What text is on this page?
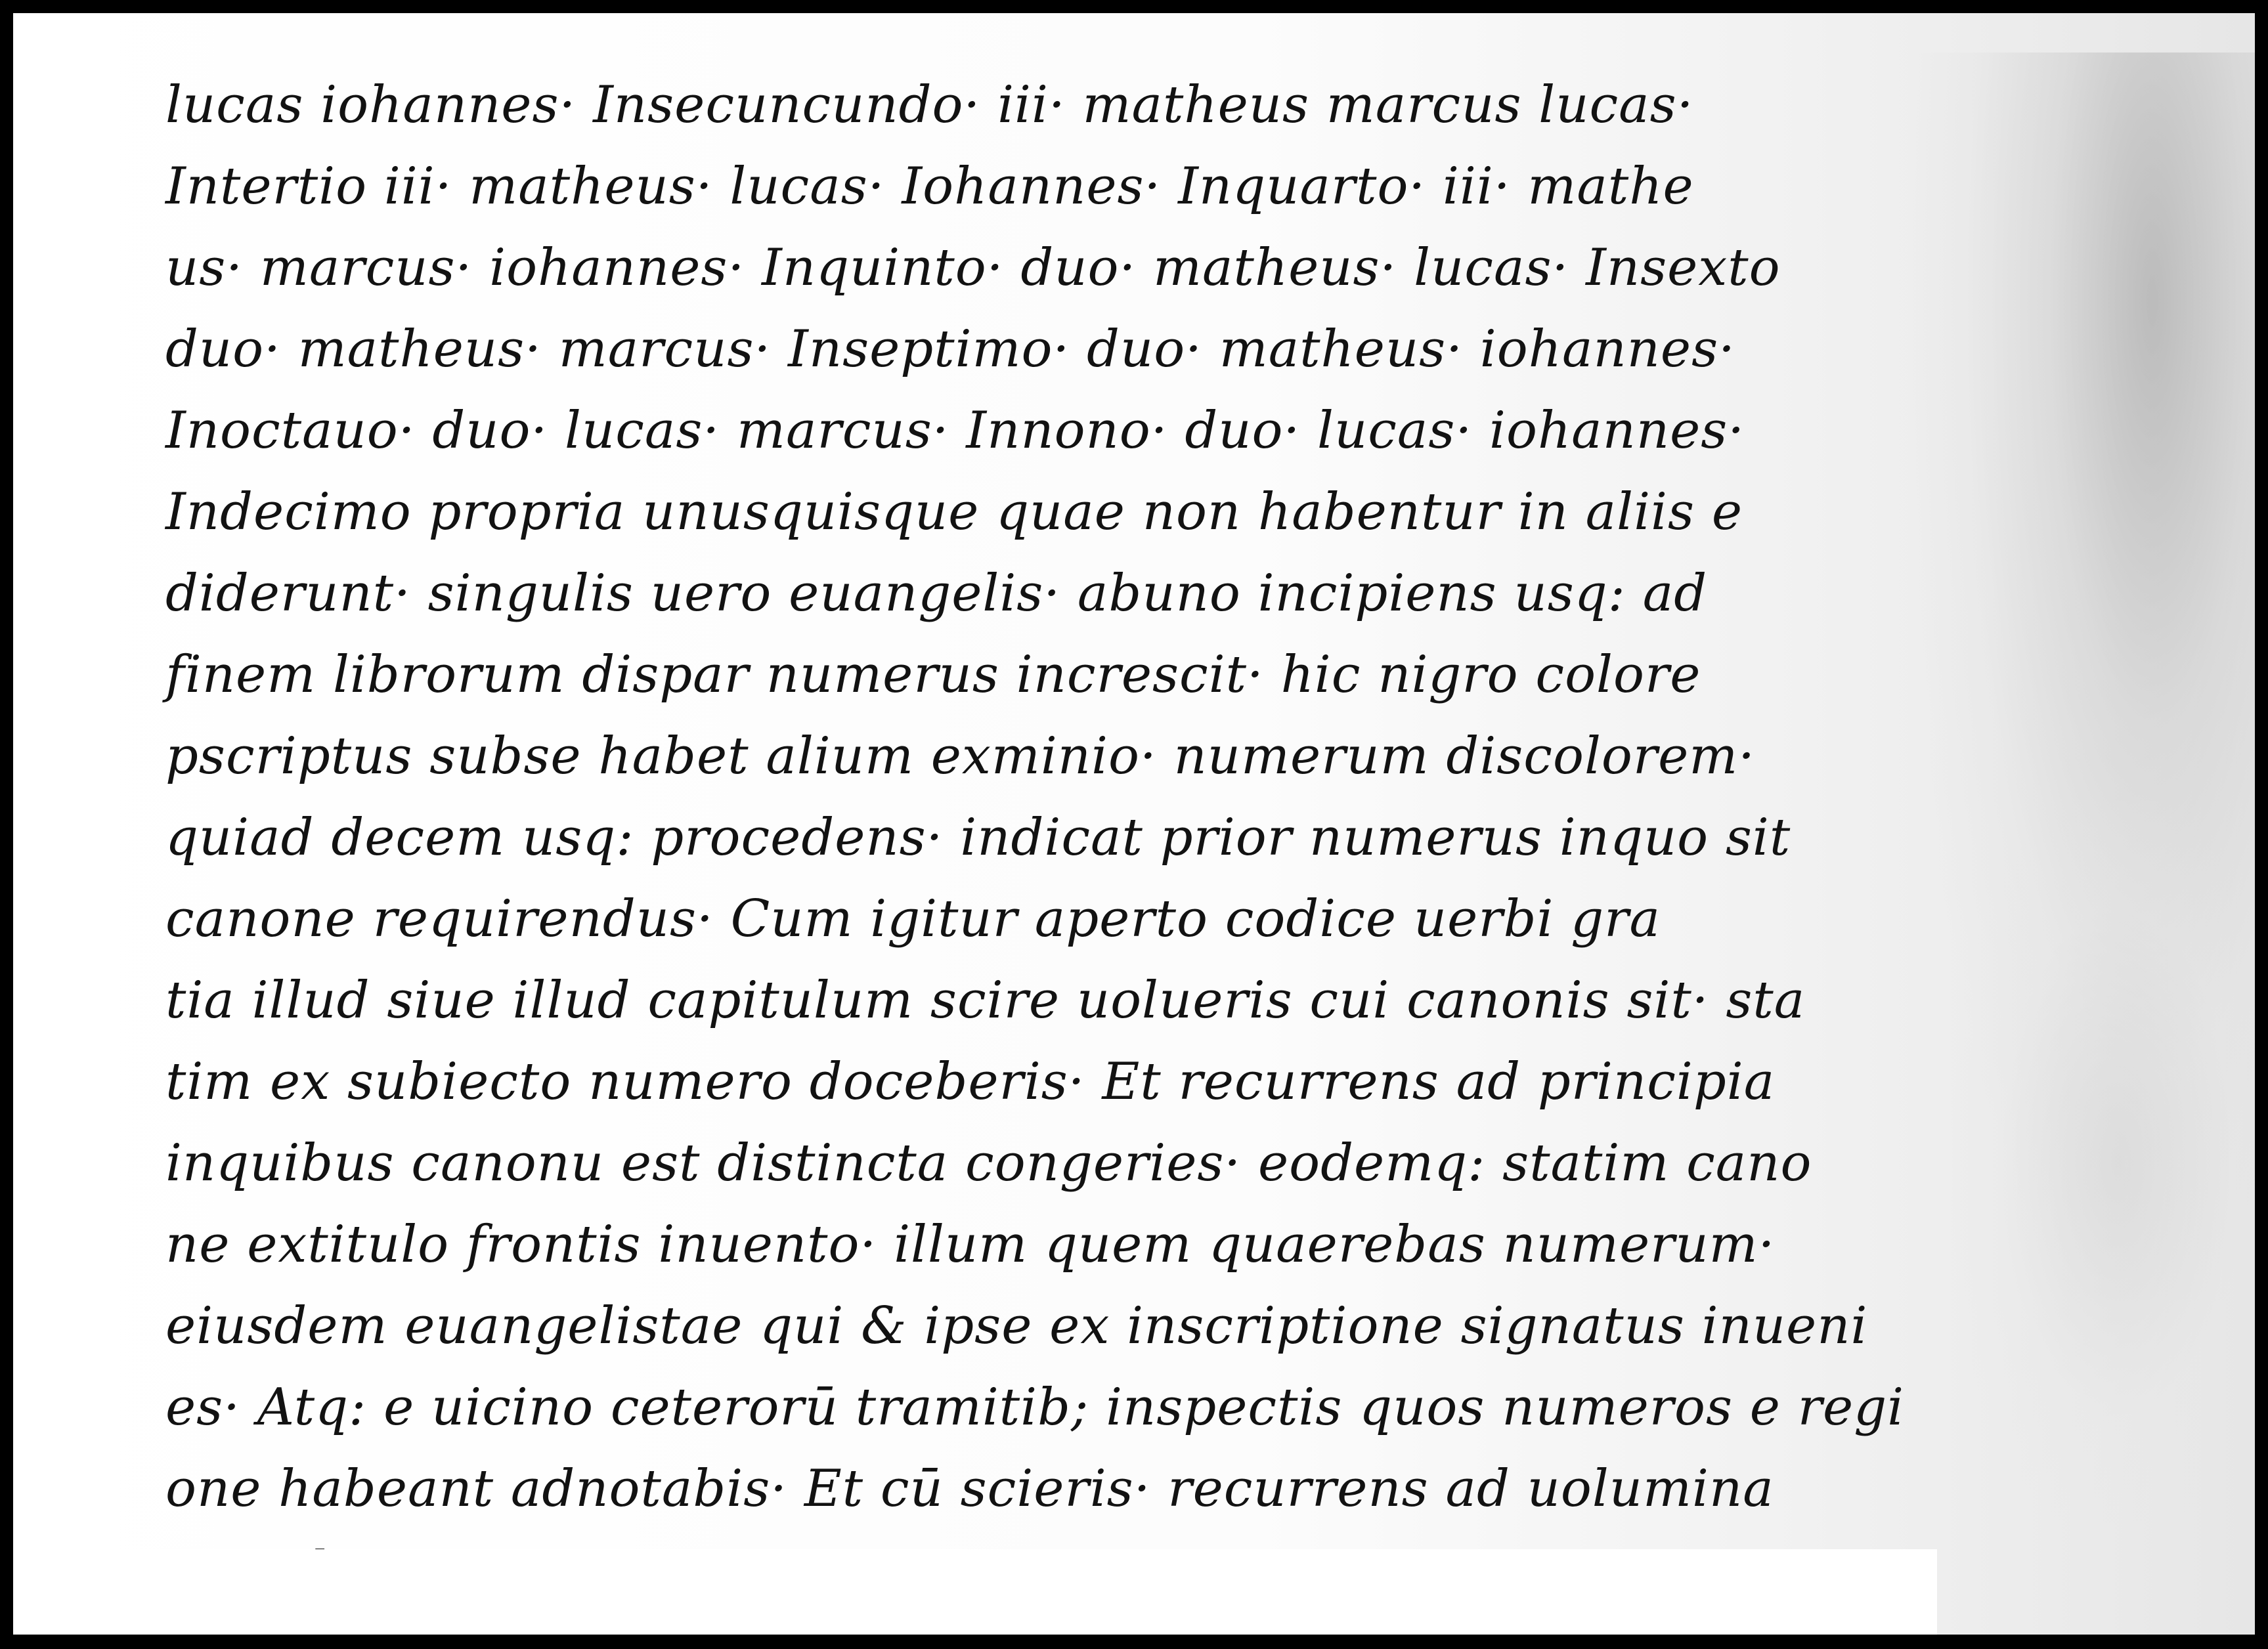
lucas iohannes· Insecuncundo· iii· matheus marcus lucas·
Intertio iii· matheus· lucas· Iohannes· Inquarto· iii· mathe
us· marcus· iohannes· Inquinto· duo· matheus· lucas· Insexto
duo· matheus· marcus· Inseptimo· duo· matheus· iohannes·
Inoctauo· duo· lucas· marcus· Innono· duo· lucas· iohannes·
Indecimo propria unusquisque quae non habentur in aliis e
diderunt· singulis uero euangelis· abuno incipiens usq: ad
finem librorum dispar numerus increscit· hic nigro colore
pscriptus subse habet alium exminio· numerum discolorem·
quiad decem usq: procedens· indicat prior numerus inquo sit
canone requirendus· Cum igitur aperto codice uerbi gra
tia illud siue illud capitulum scire uolueris cui canonis sit· sta
tim ex subiecto numero doceberis· Et recurrens ad principia
inquibus canonu est distincta congeries· eodemq: statim cano
ne extitulo frontis inuento· illum quem quaerebas numerum·
eiusdem euangelistae qui & ipse ex inscriptione signatus inueni
es· Atq: e uicino ceterorū tramitib; inspectis quos numeros e regi
one habeant adnotabis· Et cū scieris· recurrens ad uolumina
